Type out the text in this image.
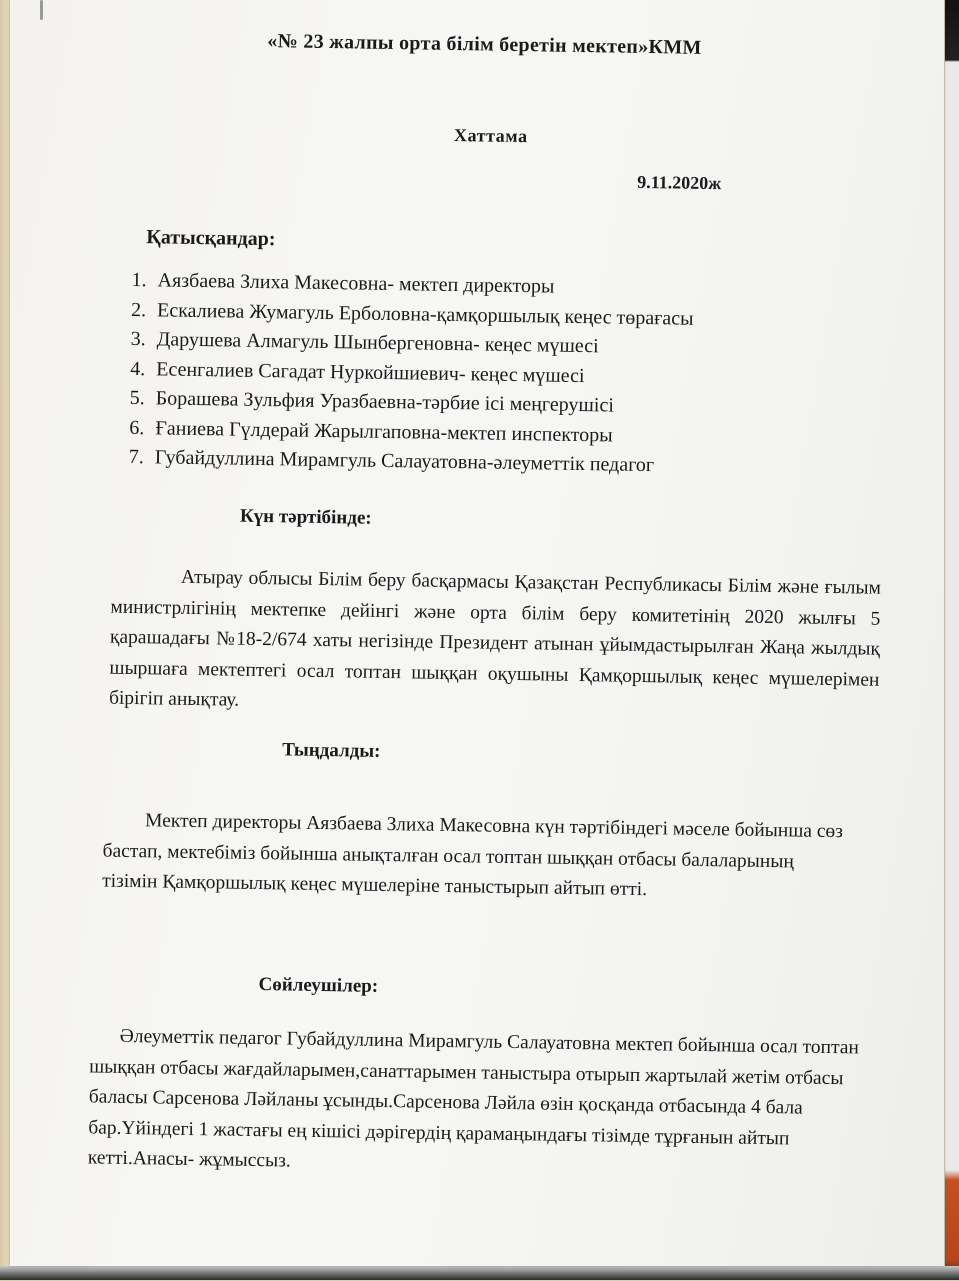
«№ 23 жалпы орта білім беретін мектеп»КММ
Хаттама
9.11.2020ж
Қатысқандар:
1. Аязбаева Злиха Макесовна- мектеп директоры
2. Ескалиева Жумагуль Ерболовна-қамқоршылық кеңес төрағасы
3. Дарушева Алмагуль Шынбергеновна- кеңес мүшесі
4. Есенгалиев Сагадат Нуркойшиевич- кеңес мүшесі
5. Борашева Зульфия Уразбаевна-тәрбие ісі меңгерушісі
6. Ғаниева Гүлдерай Жарылгаповна-мектеп инспекторы
7. Губайдуллина Мирамгуль Салауатовна-әлеуметтік педагог
Күн тәртібінде:

Атырау облысы Білім беру басқармасы Қазақстан Республикасы Білім және ғылым министрлігінің мектепке дейінгі және орта білім беру комитетінің 2020 жылғы 5 қарашадағы №18-2/674 хаты негізінде Президент атынан ұйымдастырылған Жаңа жылдық шыршаға мектептегі осал топтан шыққан оқушыны Қамқоршылық кеңес мүшелерімен бірігіп анықтау.

Тыңдалды:

Мектеп директоры Аязбаева Злиха Макесовна күн тәртібіндегі мәселе бойынша сөз бастап, мектебіміз бойынша анықталған осал топтан шыққан отбасы балаларының тізімін Қамқоршылық кеңес мүшелеріне таныстырып айтып өтті.

Сөйлеушілер:

Әлеуметтік педагог Губайдуллина Мирамгуль Салауатовна мектеп бойынша осал топтан шыққан отбасы жағдайларымен,санаттарымен таныстыра отырып жартылай жетім отбасы баласы Сарсенова Ләйланы ұсынды.Сарсенова Ләйла өзін қосқанда отбасында 4 бала бар.Үйіндегі 1 жастағы ең кішісі дәрігердің қарамаңындағы тізімде тұрғанын айтып кетті.Анасы- жұмыссыз.
